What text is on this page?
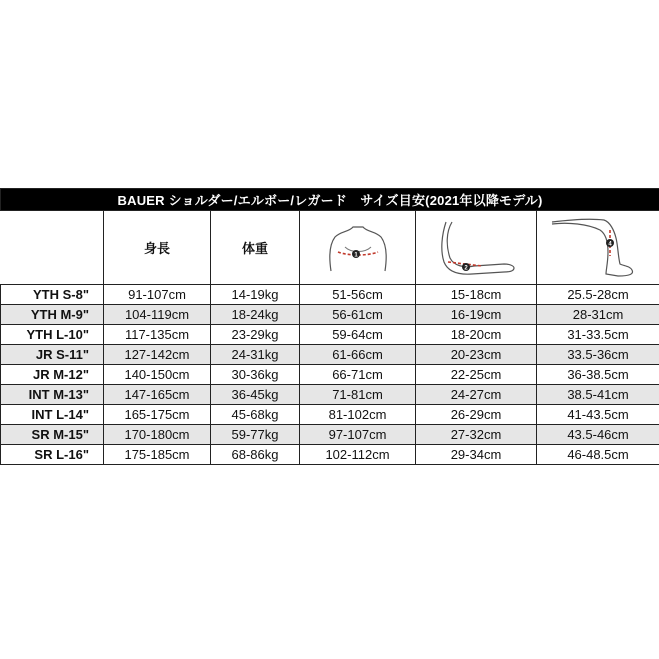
BAUER ショルダー/エルボー/レガード　サイズ目安(2021年以降モデル)					
	身長	体重	1	2	4

YTH S-8"	91-107cm	14-19kg	51-56cm	15-18cm	25.5-28cm
YTH M-9"	104-119cm	18-24kg	56-61cm	16-19cm	28-31cm
YTH L-10"	117-135cm	23-29kg	59-64cm	18-20cm	31-33.5cm
JR S-11"	127-142cm	24-31kg	61-66cm	20-23cm	33.5-36cm
JR M-12"	140-150cm	30-36kg	66-71cm	22-25cm	36-38.5cm
INT M-13"	147-165cm	36-45kg	71-81cm	24-27cm	38.5-41cm
INT L-14"	165-175cm	45-68kg	81-102cm	26-29cm	41-43.5cm
SR M-15"	170-180cm	59-77kg	97-107cm	27-32cm	43.5-46cm
SR L-16"	175-185cm	68-86kg	102-112cm	29-34cm	46-48.5cm
